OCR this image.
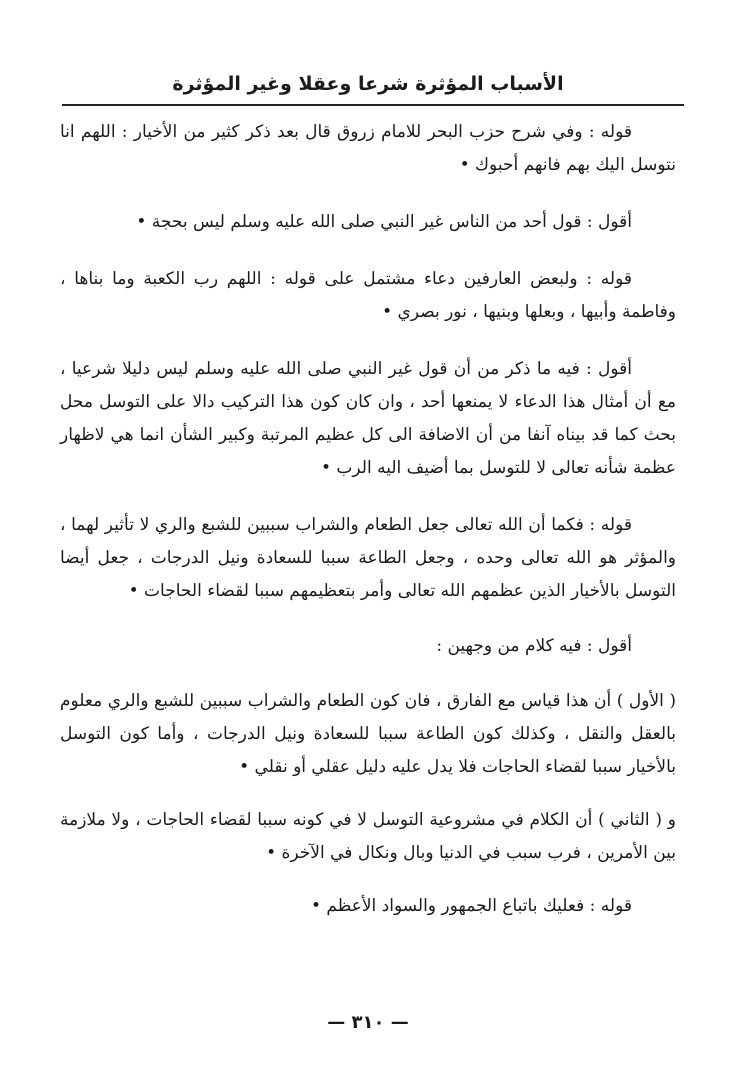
الأسباب المؤثرة شرعا وعقلا وغير المؤثرة

قوله : وفي شرح حزب البحر للامام زروق قال بعد ذكر كثير من الأخيار : اللهم انا نتوسل اليك بهم فانهم أحبوك •

أقول : قول أحد من الناس غير النبي صلى الله عليه وسلم ليس بحجة •

قوله : ولبعض العارفين دعاء مشتمل على قوله : اللهم رب الكعبة وما بناها ، وفاطمة وأبيها ، وبعلها وبنيها ، نور بصري •

أقول : فيه ما ذكر من أن قول غير النبي صلى الله عليه وسلم ليس دليلا شرعيا ، مع أن أمثال هذا الدعاء لا يمنعها أحد ، وان كان كون هذا التركيب دالا على التوسل محل بحث كما قد بيناه آنفا من أن الاضافة الى كل عظيم المرتبة وكبير الشأن انما هي لاظهار عظمة شأنه تعالى لا للتوسل بما أضيف اليه الرب •

قوله : فكما أن الله تعالى جعل الطعام والشراب سببين للشبع والري لا تأثير لهما ، والمؤثر هو الله تعالى وحده ، وجعل الطاعة سببا للسعادة ونيل الدرجات ، جعل أيضا التوسل بالأخيار الذين عظمهم الله تعالى وأمر بتعظيمهم سببا لقضاء الحاجات •

أقول : فيه كلام من وجهين :

( الأول ) أن هذا قياس مع الفارق ، فان كون الطعام والشراب سببين للشبع والري معلوم بالعقل والنقل ، وكذلك كون الطاعة سببا للسعادة ونيل الدرجات ، وأما كون التوسل بالأخيار سببا لقضاء الحاجات فلا يدل عليه دليل عقلي أو نقلي •

و ( الثاني ) أن الكلام في مشروعية التوسل لا في كونه سببا لقضاء الحاجات ، ولا ملازمة بين الأمرين ، فرب سبب في الدنيا وبال ونكال في الآخرة •

قوله : فعليك باتباع الجمهور والسواد الأعظم •

— ٣١٠ —
